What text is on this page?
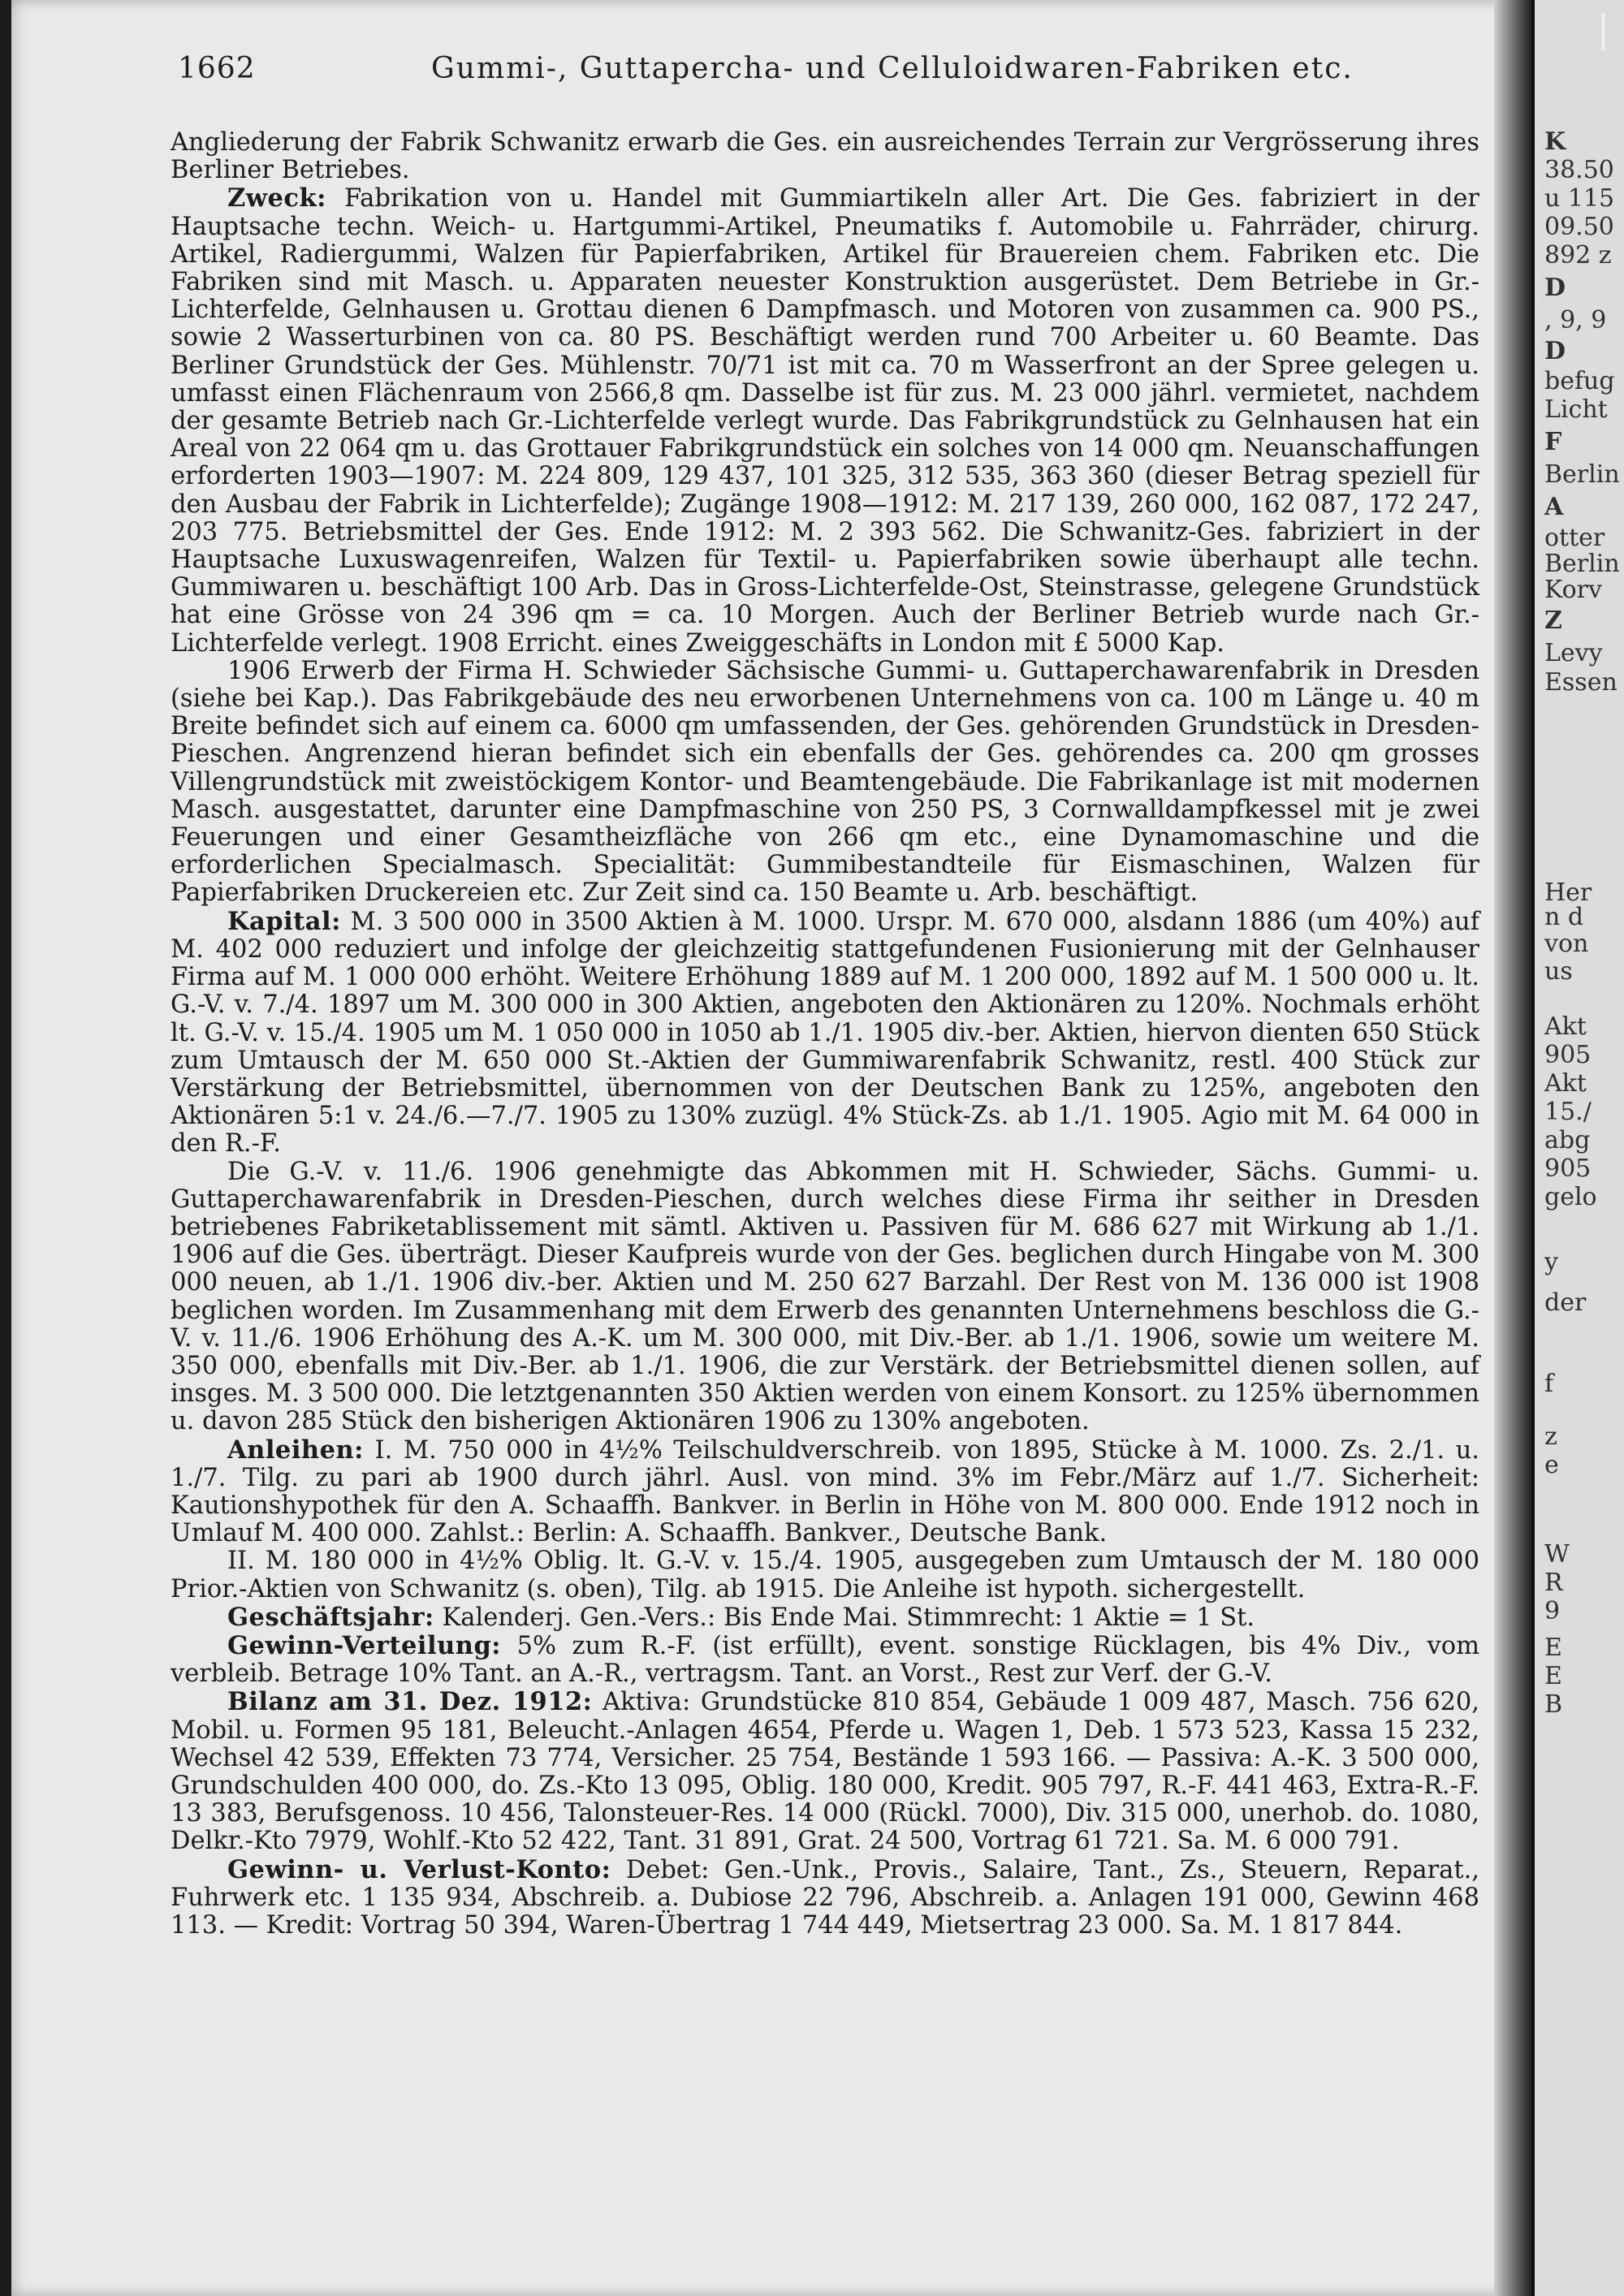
1662	Gummi-, Guttapercha- und Celluloidwaren-Fabriken etc.

Angliederung der Fabrik Schwanitz erwarb die Ges. ein ausreichendes Terrain zur Vergrösserung ihres Berliner Betriebes.

Zweck: Fabrikation von u. Handel mit Gummiartikeln aller Art. Die Ges. fabriziert in der Hauptsache techn. Weich- u. Hartgummi-Artikel, Pneumatiks f. Automobile u. Fahrräder, chirurg. Artikel, Radiergummi, Walzen für Papierfabriken, Artikel für Brauereien chem. Fabriken etc. Die Fabriken sind mit Masch. u. Apparaten neuester Konstruktion ausgerüstet. Dem Betriebe in Gr.-Lichterfelde, Gelnhausen u. Grottau dienen 6 Dampfmasch. und Motoren von zusammen ca. 900 PS., sowie 2 Wasserturbinen von ca. 80 PS. Beschäftigt werden rund 700 Arbeiter u. 60 Beamte. Das Berliner Grundstück der Ges. Mühlenstr. 70/71 ist mit ca. 70 m Wasserfront an der Spree gelegen u. umfasst einen Flächenraum von 2566,8 qm. Dasselbe ist für zus. M. 23 000 jährl. vermietet, nachdem der gesamte Betrieb nach Gr.-Lichterfelde verlegt wurde. Das Fabrikgrundstück zu Gelnhausen hat ein Areal von 22 064 qm u. das Grottauer Fabrikgrundstück ein solches von 14 000 qm. Neuanschaffungen erforderten 1903—1907: M. 224 809, 129 437, 101 325, 312 535, 363 360 (dieser Betrag speziell für den Ausbau der Fabrik in Lichterfelde); Zugänge 1908—1912: M. 217 139, 260 000, 162 087, 172 247, 203 775. Betriebsmittel der Ges. Ende 1912: M. 2 393 562. Die Schwanitz-Ges. fabriziert in der Hauptsache Luxuswagenreifen, Walzen für Textil- u. Papierfabriken sowie überhaupt alle techn. Gummiwaren u. beschäftigt 100 Arb. Das in Gross-Lichterfelde-Ost, Steinstrasse, gelegene Grundstück hat eine Grösse von 24 396 qm = ca. 10 Morgen. Auch der Berliner Betrieb wurde nach Gr.-Lichterfelde verlegt. 1908 Erricht. eines Zweiggeschäfts in London mit £ 5000 Kap.

1906 Erwerb der Firma H. Schwieder Sächsische Gummi- u. Guttaperchawarenfabrik in Dresden (siehe bei Kap.). Das Fabrikgebäude des neu erworbenen Unternehmens von ca. 100 m Länge u. 40 m Breite befindet sich auf einem ca. 6000 qm umfassenden, der Ges. gehörenden Grundstück in Dresden-Pieschen. Angrenzend hieran befindet sich ein ebenfalls der Ges. gehörendes ca. 200 qm grosses Villengrundstück mit zweistöckigem Kontor- und Beamtengebäude. Die Fabrikanlage ist mit modernen Masch. ausgestattet, darunter eine Dampfmaschine von 250 PS, 3 Cornwalldampfkessel mit je zwei Feuerungen und einer Gesamtheizfläche von 266 qm etc., eine Dynamomaschine und die erforderlichen Specialmasch. Specialität: Gummibestandteile für Eismaschinen, Walzen für Papierfabriken Druckereien etc. Zur Zeit sind ca. 150 Beamte u. Arb. beschäftigt.

Kapital: M. 3 500 000 in 3500 Aktien à M. 1000. Urspr. M. 670 000, alsdann 1886 (um 40%) auf M. 402 000 reduziert und infolge der gleichzeitig stattgefundenen Fusionierung mit der Gelnhauser Firma auf M. 1 000 000 erhöht. Weitere Erhöhung 1889 auf M. 1 200 000, 1892 auf M. 1 500 000 u. lt. G.-V. v. 7./4. 1897 um M. 300 000 in 300 Aktien, angeboten den Aktionären zu 120%. Nochmals erhöht lt. G.-V. v. 15./4. 1905 um M. 1 050 000 in 1050 ab 1./1. 1905 div.-ber. Aktien, hiervon dienten 650 Stück zum Umtausch der M. 650 000 St.-Aktien der Gummiwarenfabrik Schwanitz, restl. 400 Stück zur Verstärkung der Betriebsmittel, übernommen von der Deutschen Bank zu 125%, angeboten den Aktionären 5:1 v. 24./6.—7./7. 1905 zu 130% zuzügl. 4% Stück-Zs. ab 1./1. 1905. Agio mit M. 64 000 in den R.-F.

Die G.-V. v. 11./6. 1906 genehmigte das Abkommen mit H. Schwieder, Sächs. Gummi- u. Guttaperchawarenfabrik in Dresden-Pieschen, durch welches diese Firma ihr seither in Dresden betriebenes Fabriketablissement mit sämtl. Aktiven u. Passiven für M. 686 627 mit Wirkung ab 1./1. 1906 auf die Ges. überträgt. Dieser Kaufpreis wurde von der Ges. beglichen durch Hingabe von M. 300 000 neuen, ab 1./1. 1906 div.-ber. Aktien und M. 250 627 Barzahl. Der Rest von M. 136 000 ist 1908 beglichen worden. Im Zusammenhang mit dem Erwerb des genannten Unternehmens beschloss die G.-V. v. 11./6. 1906 Erhöhung des A.-K. um M. 300 000, mit Div.-Ber. ab 1./1. 1906, sowie um weitere M. 350 000, ebenfalls mit Div.-Ber. ab 1./1. 1906, die zur Verstärk. der Betriebsmittel dienen sollen, auf insges. M. 3 500 000. Die letztgenannten 350 Aktien werden von einem Konsort. zu 125% übernommen u. davon 285 Stück den bisherigen Aktionären 1906 zu 130% angeboten.

Anleihen: I. M. 750 000 in 4½% Teilschuldverschreib. von 1895, Stücke à M. 1000. Zs. 2./1. u. 1./7. Tilg. zu pari ab 1900 durch jährl. Ausl. von mind. 3% im Febr./März auf 1./7. Sicherheit: Kautionshypothek für den A. Schaaffh. Bankver. in Berlin in Höhe von M. 800 000. Ende 1912 noch in Umlauf M. 400 000. Zahlst.: Berlin: A. Schaaffh. Bankver., Deutsche Bank.

II. M. 180 000 in 4½% Oblig. lt. G.-V. v. 15./4. 1905, ausgegeben zum Umtausch der M. 180 000 Prior.-Aktien von Schwanitz (s. oben), Tilg. ab 1915. Die Anleihe ist hypoth. sichergestellt.

Geschäftsjahr: Kalenderj. Gen.-Vers.: Bis Ende Mai. Stimmrecht: 1 Aktie = 1 St.

Gewinn-Verteilung: 5% zum R.-F. (ist erfüllt), event. sonstige Rücklagen, bis 4% Div., vom verbleib. Betrage 10% Tant. an A.-R., vertragsm. Tant. an Vorst., Rest zur Verf. der G.-V.

Bilanz am 31. Dez. 1912: Aktiva: Grundstücke 810 854, Gebäude 1 009 487, Masch. 756 620, Mobil. u. Formen 95 181, Beleucht.-Anlagen 4654, Pferde u. Wagen 1, Deb. 1 573 523, Kassa 15 232, Wechsel 42 539, Effekten 73 774, Versicher. 25 754, Bestände 1 593 166. — Passiva: A.-K. 3 500 000, Grundschulden 400 000, do. Zs.-Kto 13 095, Oblig. 180 000, Kredit. 905 797, R.-F. 441 463, Extra-R.-F. 13 383, Berufsgenoss. 10 456, Talonsteuer-Res. 14 000 (Rückl. 7000), Div. 315 000, unerhob. do. 1080, Delkr.-Kto 7979, Wohlf.-Kto 52 422, Tant. 31 891, Grat. 24 500, Vortrag 61 721. Sa. M. 6 000 791.

Gewinn- u. Verlust-Konto: Debet: Gen.-Unk., Provis., Salaire, Tant., Zs., Steuern, Reparat., Fuhrwerk etc. 1 135 934, Abschreib. a. Dubiose 22 796, Abschreib. a. Anlagen 191 000, Gewinn 468 113. — Kredit: Vortrag 50 394, Waren-Übertrag 1 744 449, Mietsertrag 23 000. Sa. M. 1 817 844.

K
38.50
u 115
09.50
892 z
D
, 9, 9
D
befug
Licht
F
Berlin
A
otter
Berlin
Korv
Z
Levy
Essen
Her
n d
von
us
Akt
905
Akt
15./
abg
905
gelo
y
der
f
z
e
W
R
9
E
E
B
❘
